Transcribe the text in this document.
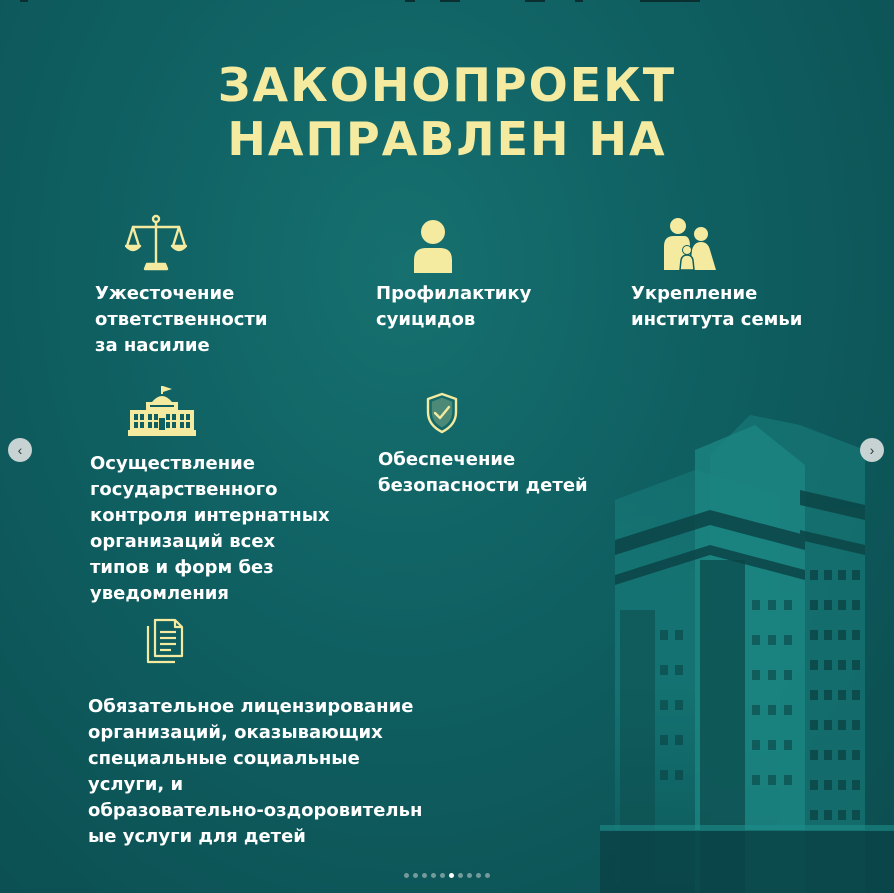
ЗАКОНОПРОЕКТ
НАПРАВЛЕН НА
Ужесточение
ответственности
за насилие
Профилактику
суицидов
Укрепление
института семьи
Осуществление
государственного
контроля интернатных
организаций всех
типов и форм без
уведомления
Обеспечение
безопасности детей
Обязательное лицензирование
организаций, оказывающих
специальные социальные
услуги, и
образовательно-оздоровительн
ые услуги для детей
‹	›
